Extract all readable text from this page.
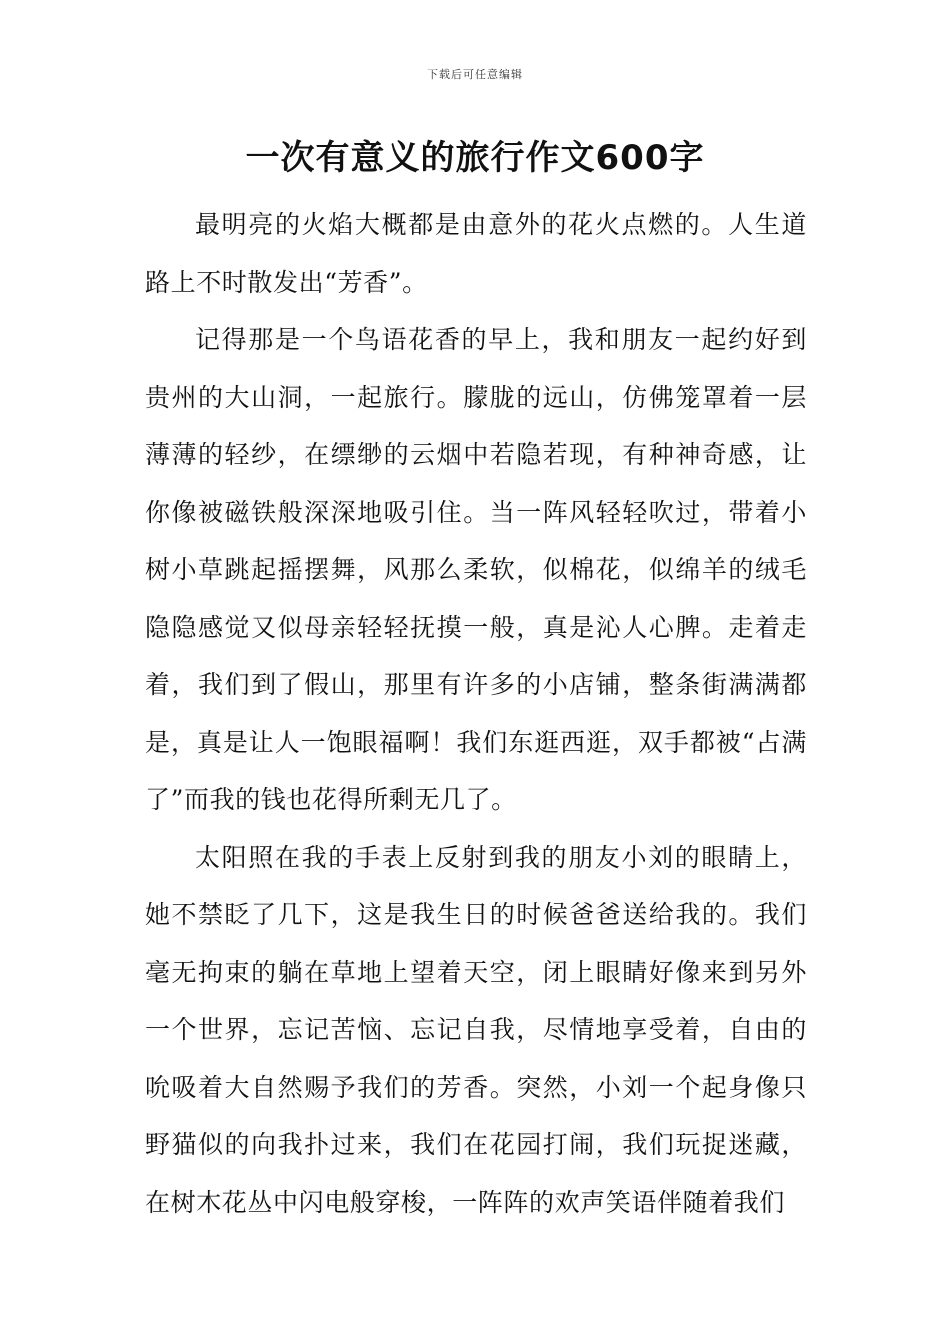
下载后可任意编辑
一次有意义的旅行作文600字

最明亮的火焰大概都是由意外的花火点燃的。人生道路上不时散发出“芳香”。

记得那是一个鸟语花香的早上，我和朋友一起约好到贵州的大山洞，一起旅行。朦胧的远山，仿佛笼罩着一层薄薄的轻纱，在缥缈的云烟中若隐若现，有种神奇感，让你像被磁铁般深深地吸引住。当一阵风轻轻吹过，带着小树小草跳起摇摆舞，风那么柔软，似棉花，似绵羊的绒毛隐隐感觉又似母亲轻轻抚摸一般，真是沁人心脾。走着走着，我们到了假山，那里有许多的小店铺，整条街满满都是，真是让人一饱眼福啊！我们东逛西逛，双手都被“占满了”而我的钱也花得所剩无几了。

太阳照在我的手表上反射到我的朋友小刘的眼睛上，她不禁眨了几下，这是我生日的时候爸爸送给我的。我们毫无拘束的躺在草地上望着天空，闭上眼睛好像来到另外一个世界，忘记苦恼、忘记自我，尽情地享受着，自由的吮吸着大自然赐予我们的芳香。突然，小刘一个起身像只野猫似的向我扑过来，我们在花园打闹，我们玩捉迷藏，在树木花丛中闪电般穿梭，一阵阵的欢声笑语伴随着我们
